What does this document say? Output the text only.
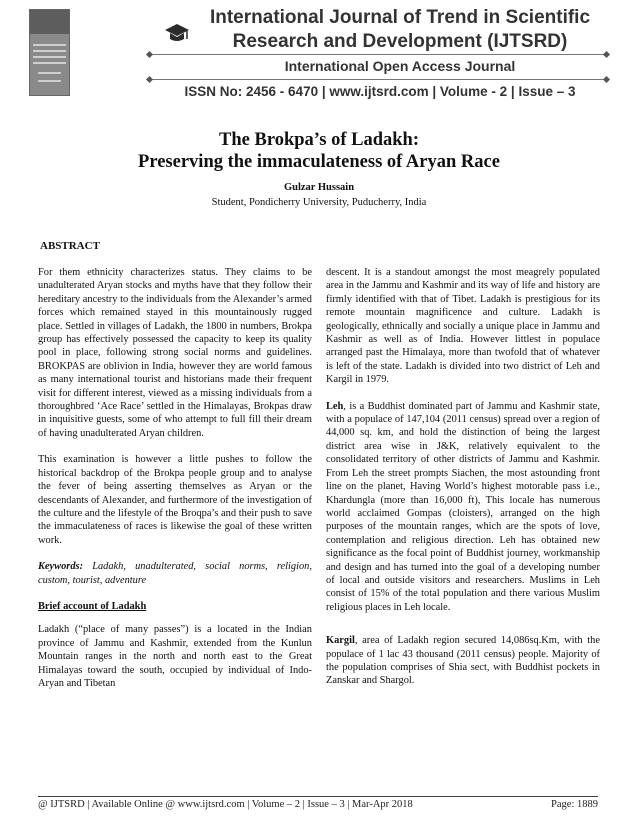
International Journal of Trend in Scientific
Research and Development (IJTSRD)
International Open Access Journal
ISSN No: 2456 - 6470 | www.ijtsrd.com | Volume - 2 | Issue – 3
The Brokpa’s of Ladakh:
Preserving the immaculateness of Aryan Race
Gulzar Hussain
Student, Pondicherry University, Puducherry, India
ABSTRACT

For them ethnicity characterizes status. They claims to be unadulterated Aryan stocks and myths have that they follow their hereditary ancestry to the individuals from the Alexander’s armed forces which remained stayed in this mountainously rugged place. Settled in villages of Ladakh, the 1800 in numbers, Brokpa group has effectively possessed the capacity to keep its quality pool in place, following strong social norms and guidelines. BROKPAS are oblivion in India, however they are world famous as many international tourist and historians made their frequent visit for different interest, viewed as a missing individuals from a thoroughbred ‘Ace Race’ settled in the Himalayas, Brokpas draw in inquisitive guests, some of who attempt to full fill their dream of having unadulterated Aryan children.

This examination is however a little pushes to follow the historical backdrop of the Brokpa people group and to analyse the fever of being asserting themselves as Aryan or the descendants of Alexander, and furthermore of the investigation of the culture and the lifestyle of the Broqpa’s and their push to save the immaculateness of races is likewise the goal of these written work.

Keywords: Ladakh, unadulterated, social norms, religion, custom, tourist, adventure

Brief account of Ladakh

Ladakh (“place of many passes”) is a located in the Indian province of Jammu and Kashmir, extended from the Kunlun Mountain ranges in the north and north east to the Great Himalayas toward the south, occupied by individual of Indo-Aryan and Tibetan

descent. It is a standout amongst the most meagrely populated area in the Jammu and Kashmir and its way of life and history are firmly identified with that of Tibet. Ladakh is prestigious for its remote mountain magnificence and culture. Ladakh is geologically, ethnically and socially a unique place in Jammu and Kashmir as well as of India. However littlest in populace arranged past the Himalaya, more than twofold that of whatever is left of the state. Ladakh is divided into two district of Leh and Kargil in 1979.

Leh, is a Buddhist dominated part of Jammu and Kashmir state, with a populace of 147,104 (2011 census) spread over a region of 44,000 sq. km, and hold the distinction of being the largest district area wise in J&K, relatively equivalent to the consolidated territory of other districts of Jammu and Kashmir. From Leh the street prompts Siachen, the most astounding front line on the planet, Having World’s highest motorable pass i.e., Khardungla (more than 16,000 ft), This locale has numerous world acclaimed Gompas (cloisters), arranged on the high purposes of the mountain ranges, which are the spots of love, contemplation and religious direction. Leh has obtained new significance as the focal point of Buddhist journey, workmanship and design and has turned into the goal of a developing number of local and outside visitors and researchers. Muslims in Leh consist of 15% of the total population and there various Muslim religious places in Leh locale.

Kargil, area of Ladakh region secured 14,086sq.Km, with the populace of 1 lac 43 thousand (2011 census) people. Majority of the population comprises of Shia sect, with Buddhist pockets in Zanskar and Shargol.

@ IJTSRD | Available Online @ www.ijtsrd.com | Volume – 2 | Issue – 3 | Mar-Apr 2018	Page: 1889
